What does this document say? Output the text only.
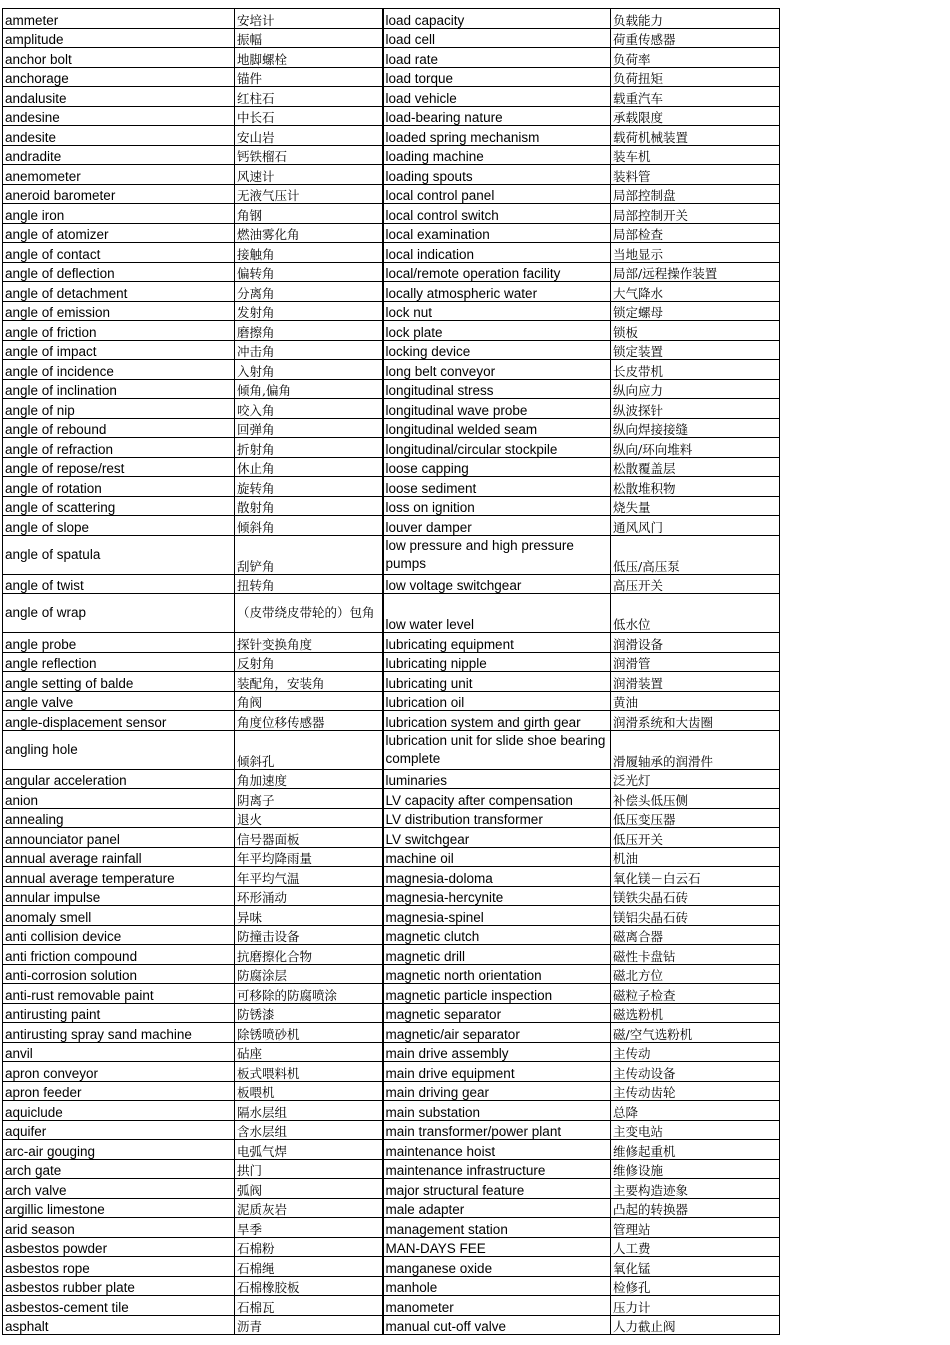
ammeter	安培计	load capacity	负载能力
amplitude	振幅	load cell	荷重传感器
anchor bolt	地脚螺栓	load rate	负荷率
anchorage	锚件	load torque	负荷扭矩
andalusite	红柱石	load vehicle	载重汽车
andesine	中长石	load-bearing nature	承载限度
andesite	安山岩	loaded spring mechanism	载荷机械装置
andradite	钙铁榴石	loading machine	装车机
anemometer	风速计	loading spouts	装料管
aneroid barometer	无液气压计	local control panel	局部控制盘
angle iron	角钢	local control switch	局部控制开关
angle of atomizer	燃油雾化角	local examination	局部检查
angle of contact	接触角	local indication	当地显示
angle of deflection	偏转角	local/remote operation facility	局部/远程操作装置
angle of detachment	分离角	locally atmospheric water	大气降水
angle of emission	发射角	lock nut	锁定螺母
angle of friction	磨擦角	lock plate	锁板
angle of impact	冲击角	locking device	锁定装置
angle of incidence	入射角	long belt conveyor	长皮带机
angle of inclination	倾角,偏角	longitudinal stress	纵向应力
angle of nip	咬入角	longitudinal wave probe	纵波探针
angle of rebound	回弹角	longitudinal welded seam	纵向焊接接缝
angle of refraction	折射角	longitudinal/circular stockpile	纵向/环向堆料
angle of repose/rest	休止角	loose capping	松散覆盖层
angle of rotation	旋转角	loose sediment	松散堆积物
angle of scattering	散射角	loss on ignition	烧失量
angle of slope	倾斜角	louver damper	通风风门
angle of spatula	刮铲角	low pressure and high pressure pumps	低压/高压泵
angle of twist	扭转角	low voltage switchgear	高压开关
angle of wrap	（皮带绕皮带轮的）包角	low water level	低水位
angle probe	探针变换角度	lubricating equipment	润滑设备
angle reflection	反射角	lubricating nipple	润滑管
angle setting of balde	装配角，安装角	lubricating unit	润滑装置
angle valve	角阀	lubrication oil	黄油
angle-displacement sensor	角度位移传感器	lubrication system and girth gear	润滑系统和大齿圈
angling hole	倾斜孔	lubrication unit for slide shoe bearing complete	滑履轴承的润滑件
angular acceleration	角加速度	luminaries	泛光灯
anion	阴离子	LV capacity after compensation	补偿头低压侧
annealing	退火	LV distribution transformer	低压变压器
announciator panel	信号器面板	LV switchgear	低压开关
annual average rainfall	年平均降雨量	machine oil	机油
annual average temperature	年平均气温	magnesia-doloma	氧化镁－白云石
annular impulse	环形涌动	magnesia-hercynite	镁铁尖晶石砖
anomaly smell	异味	magnesia-spinel	镁铝尖晶石砖
anti collision device	防撞击设备	magnetic clutch	磁离合器
anti friction compound	抗磨擦化合物	magnetic drill	磁性卡盘钻
anti-corrosion solution	防腐涂层	magnetic north orientation	磁北方位
anti-rust removable paint	可移除的防腐喷涂	magnetic particle inspection	磁粒子检查
antirusting paint	防锈漆	magnetic separator	磁选粉机
antirusting spray sand machine	除锈喷砂机	magnetic/air separator	磁/空气选粉机
anvil	砧座	main drive assembly	主传动
apron conveyor	板式喂料机	main drive equipment	主传动设备
apron feeder	板喂机	main driving gear	主传动齿轮
aquiclude	隔水层组	main substation	总降
aquifer	含水层组	main transformer/power plant	主变电站
arc-air gouging	电弧气焊	maintenance hoist	维修起重机
arch gate	拱门	maintenance infrastructure	维修设施
arch valve	弧阀	major structural feature	主要构造迹象
argillic limestone	泥质灰岩	male adapter	凸起的转换器
arid season	旱季	management station	管理站
asbestos powder	石棉粉	MAN-DAYS FEE	人工费
asbestos rope	石棉绳	manganese oxide	氧化锰
asbestos rubber plate	石棉橡胶板	manhole	检修孔
asbestos-cement tile	石棉瓦	manometer	压力计
asphalt	沥青	manual cut-off valve	人力截止阀
